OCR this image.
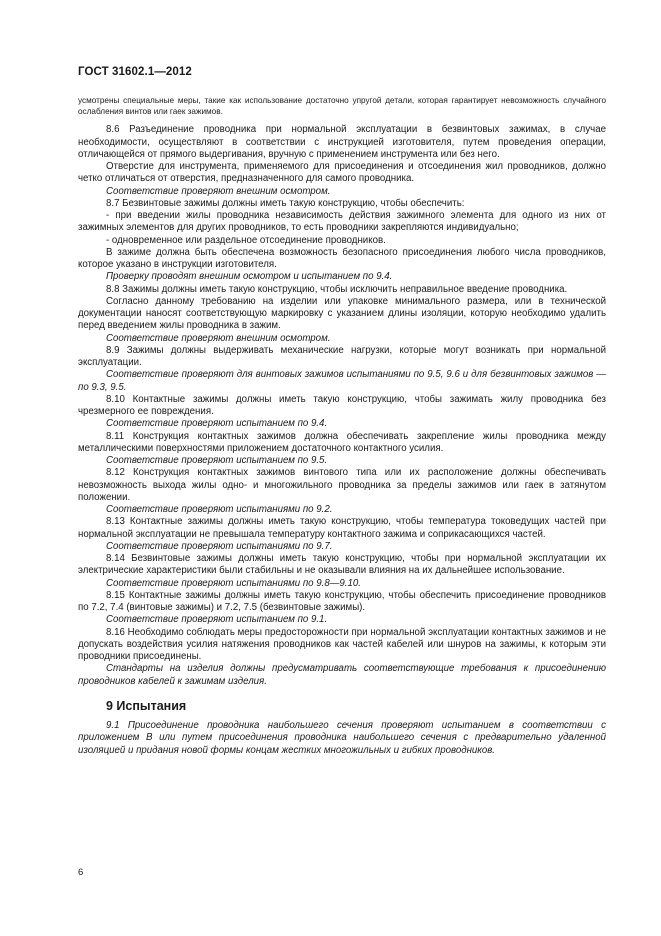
ГОСТ 31602.1—2012

усмотрены специальные меры, такие как использование достаточно упругой детали, которая гарантирует невозможность случайного ослабления винтов или гаек зажимов.

8.6 Разъединение проводника при нормальной эксплуатации в безвинтовых зажимах, в случае необходимости, осуществляют в соответствии с инструкцией изготовителя, путем проведения операции, отличающейся от прямого выдергивания, вручную с применением инструмента или без него.

Отверстие для инструмента, применяемого для присоединения и отсоединения жил проводников, должно четко отличаться от отверстия, предназначенного для самого проводника.

Соответствие проверяют внешним осмотром.

8.7 Безвинтовые зажимы должны иметь такую конструкцию, чтобы обеспечить:

- при введении жилы проводника независимость действия зажимного элемента для одного из них от зажимных элементов для других проводников, то есть проводники закрепляются индивидуально;

- одновременное или раздельное отсоединение проводников.

В зажиме должна быть обеспечена возможность безопасного присоединения любого числа проводников, которое указано в инструкции изготовителя.

Проверку проводят внешним осмотром и испытанием по 9.4.

8.8 Зажимы должны иметь такую конструкцию, чтобы исключить неправильное введение проводника.

Согласно данному требованию на изделии или упаковке минимального размера, или в технической документации наносят соответствующую маркировку с указанием длины изоляции, которую необходимо удалить перед введением жилы проводника в зажим.

Соответствие проверяют внешним осмотром.

8.9 Зажимы должны выдерживать механические нагрузки, которые могут возникать при нормальной эксплуатации.

Соответствие проверяют для винтовых зажимов испытаниями по 9.5, 9.6 и для безвинтовых зажимов — по 9.3, 9.5.

8.10 Контактные зажимы должны иметь такую конструкцию, чтобы зажимать жилу проводника без чрезмерного ее повреждения.

Соответствие проверяют испытанием по 9.4.

8.11 Конструкция контактных зажимов должна обеспечивать закрепление жилы проводника между металлическими поверхностями приложением достаточного контактного усилия.

Соответствие проверяют испытанием по 9.5.

8.12 Конструкция контактных зажимов винтового типа или их расположение должны обеспечивать невозможность выхода жилы одно- и многожильного проводника за пределы зажимов или гаек в затянутом положении.

Соответствие проверяют испытаниями по 9.2.

8.13 Контактные зажимы должны иметь такую конструкцию, чтобы температура токоведущих частей при нормальной эксплуатации не превышала температуру контактного зажима и соприкасающихся частей.

Соответствие проверяют испытаниями по 9.7.

8.14 Безвинтовые зажимы должны иметь такую конструкцию, чтобы при нормальной эксплуатации их электрические характеристики были стабильны и не оказывали влияния на их дальнейшее использование.

Соответствие проверяют испытаниями по 9.8—9.10.

8.15 Контактные зажимы должны иметь такую конструкцию, чтобы обеспечить присоединение проводников по 7.2, 7.4 (винтовые зажимы) и 7.2, 7.5 (безвинтовые зажимы).

Соответствие проверяют испытанием по 9.1.

8.16 Необходимо соблюдать меры предосторожности при нормальной эксплуатации контактных зажимов и не допускать воздействия усилия натяжения проводников как частей кабелей или шнуров на зажимы, к которым эти проводники присоединены.

Стандарты на изделия должны предусматривать соответствующие требования к присоединению проводников кабелей к зажимам изделия.

9 Испытания

9.1 Присоединение проводника наибольшего сечения проверяют испытанием в соответствии с приложением В или путем присоединения проводника наибольшего сечения с предварительно удаленной изоляцией и придания новой формы концам жестких многожильных и гибких проводников.

6
